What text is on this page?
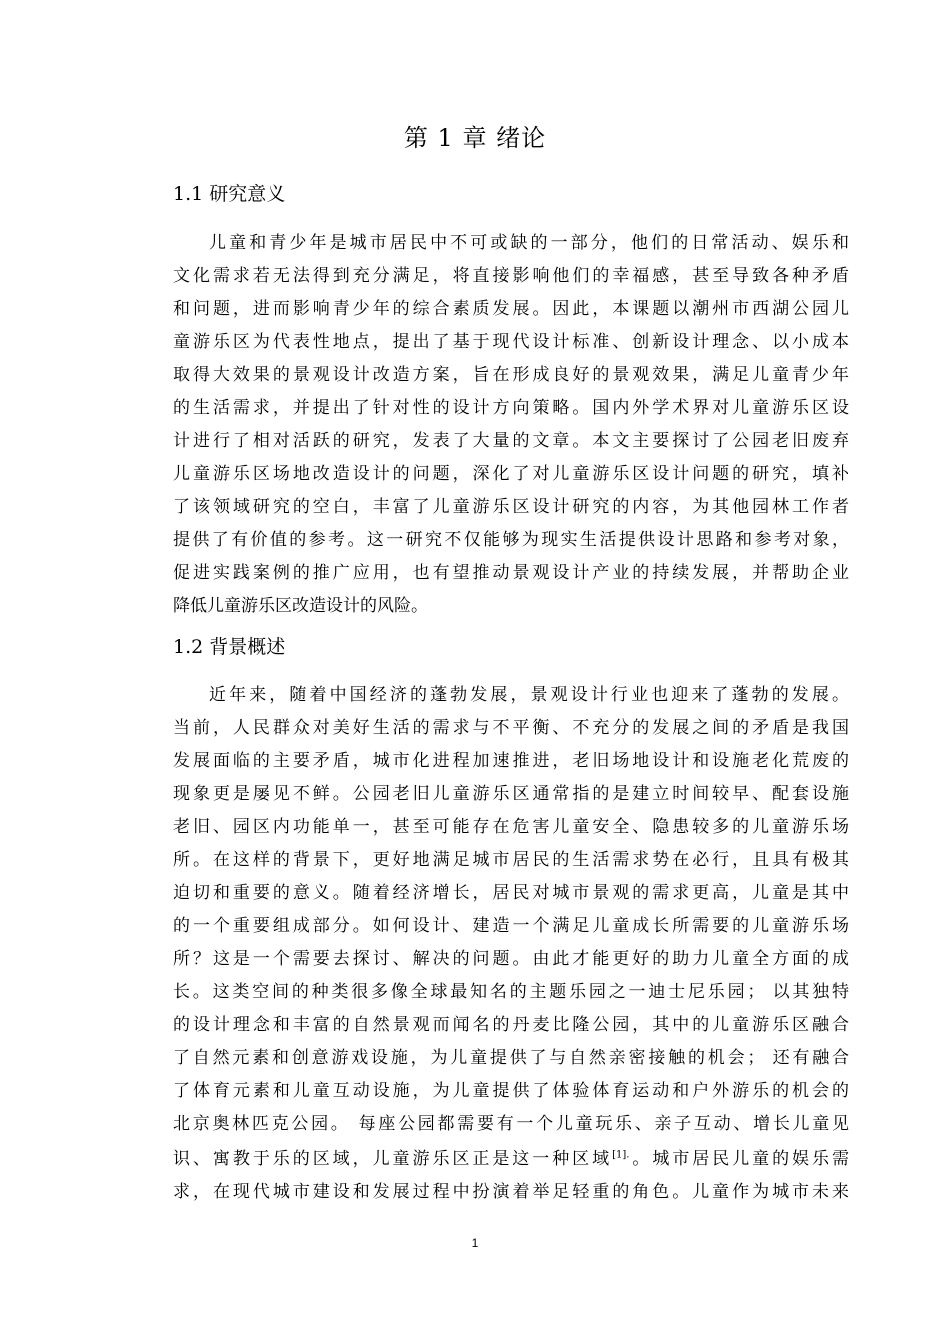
第 1 章 绪论
1.1 研究意义
儿童和青少年是城市居民中不可或缺的一部分，他们的日常活动、娱乐和
文化需求若无法得到充分满足，将直接影响他们的幸福感，甚至导致各种矛盾
和问题，进而影响青少年的综合素质发展。因此，本课题以潮州市西湖公园儿
童游乐区为代表性地点，提出了基于现代设计标准、创新设计理念、以小成本
取得大效果的景观设计改造方案，旨在形成良好的景观效果，满足儿童青少年
的生活需求，并提出了针对性的设计方向策略。国内外学术界对儿童游乐区设
计进行了相对活跃的研究，发表了大量的文章。本文主要探讨了公园老旧废弃
儿童游乐区场地改造设计的问题，深化了对儿童游乐区设计问题的研究，填补
了该领域研究的空白，丰富了儿童游乐区设计研究的内容，为其他园林工作者
提供了有价值的参考。这一研究不仅能够为现实生活提供设计思路和参考对象，
促进实践案例的推广应用，也有望推动景观设计产业的持续发展，并帮助企业
降低儿童游乐区改造设计的风险。
1.2 背景概述
近年来，随着中国经济的蓬勃发展，景观设计行业也迎来了蓬勃的发展。
当前，人民群众对美好生活的需求与不平衡、不充分的发展之间的矛盾是我国
发展面临的主要矛盾，城市化进程加速推进，老旧场地设计和设施老化荒废的
现象更是屡见不鲜。公园老旧儿童游乐区通常指的是建立时间较早、配套设施
老旧、园区内功能单一，甚至可能存在危害儿童安全、隐患较多的儿童游乐场
所。在这样的背景下，更好地满足城市居民的生活需求势在必行，且具有极其
迫切和重要的意义。随着经济增长，居民对城市景观的需求更高，儿童是其中
的一个重要组成部分。如何设计、建造一个满足儿童成长所需要的儿童游乐场
所？这是一个需要去探讨、解决的问题。由此才能更好的助力儿童全方面的成
长。这类空间的种类很多像全球最知名的主题乐园之一迪士尼乐园； 以其独特
的设计理念和丰富的自然景观而闻名的丹麦比隆公园，其中的儿童游乐区融合
了自然元素和创意游戏设施，为儿童提供了与自然亲密接触的机会； 还有融合
了体育元素和儿童互动设施，为儿童提供了体验体育运动和户外游乐的机会的
北京奥林匹克公园。 每座公园都需要有一个儿童玩乐、亲子互动、增长儿童见
识、寓教于乐的区域，儿童游乐区正是这一种区域$^{[1].}$。城市居民儿童的娱乐需
求，在现代城市建设和发展过程中扮演着举足轻重的角色。儿童作为城市未来
1
